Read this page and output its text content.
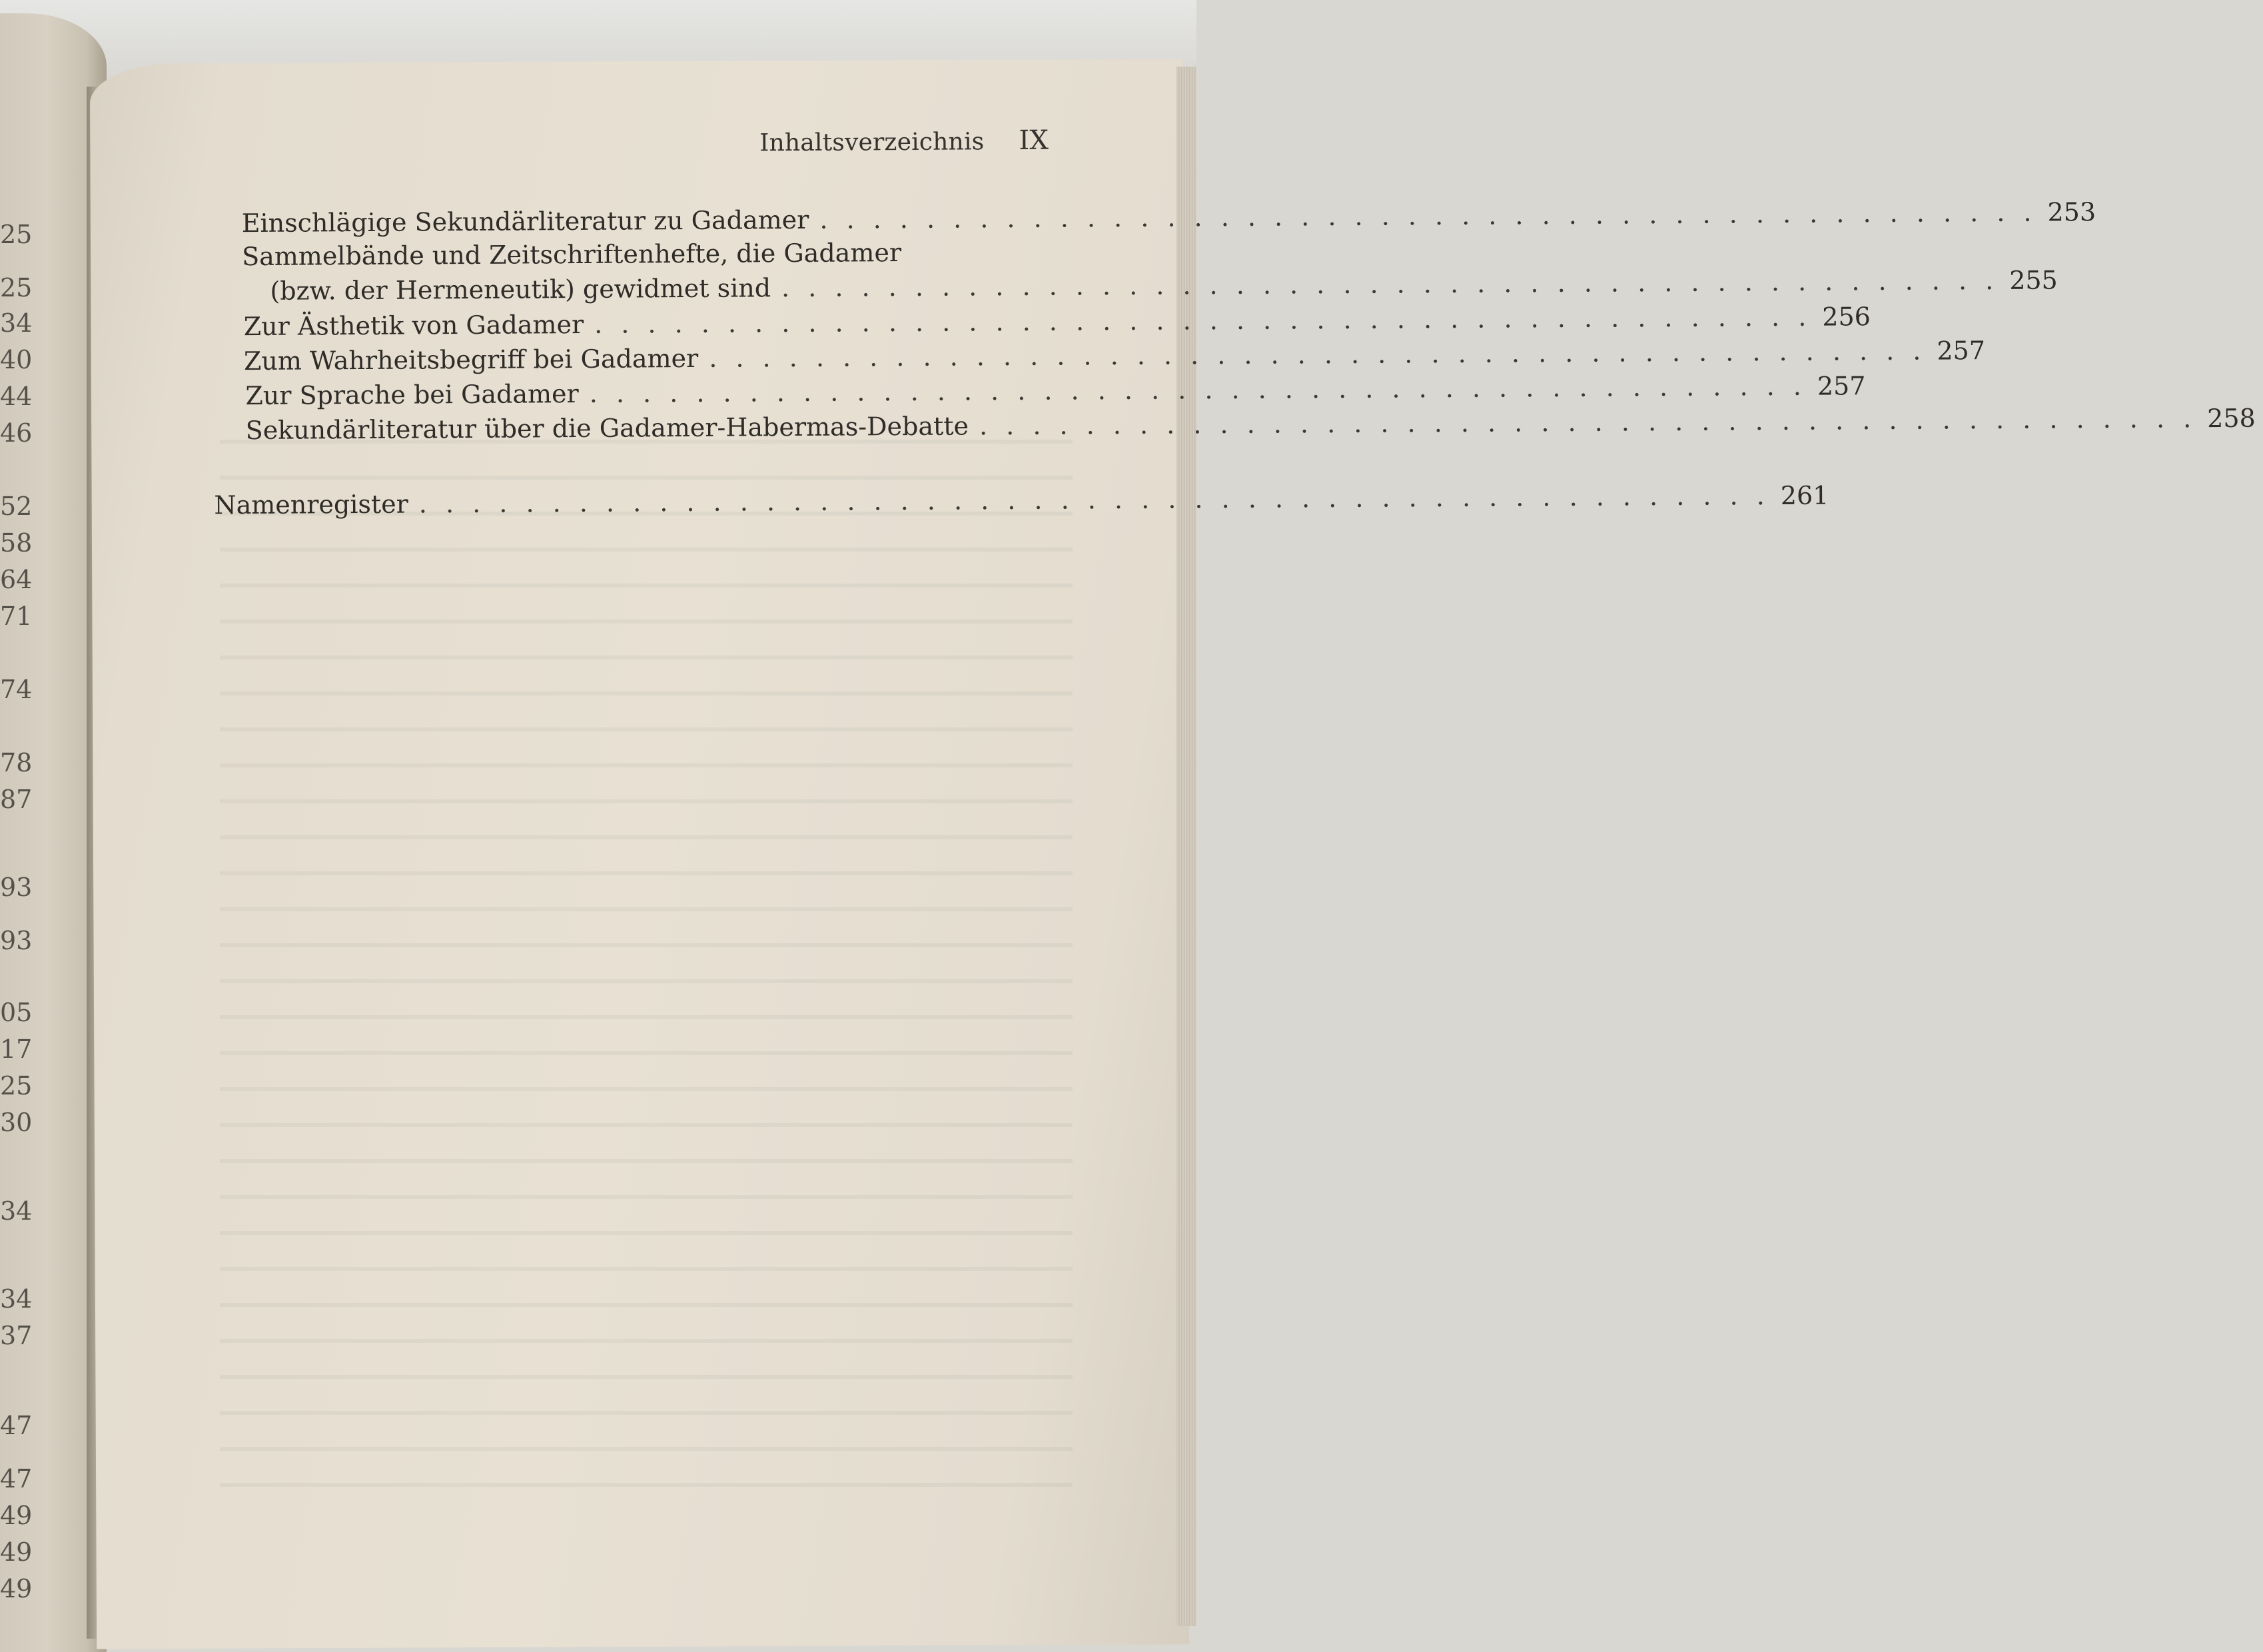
25
25
34
40
44
46
52
58
64
71
74
78
87
93
93
05
17
25
30
34
34
37
47
47
49
49
49
Inhaltsverzeichnis IX
Einschlägige Sekundärliteratur zu Gadamer . . . . . . . . . . . . . . . . . . . . . . . . . . . . . . . . . . . . . . . . . . . . . . 253
Sammelbände und Zeitschriftenhefte, die Gadamer
(bzw. der Hermeneutik) gewidmet sind . . . . . . . . . . . . . . . . . . . . . . . . . . . . . . . . . . . . . . . . . . . . . . 255
Zur Ästhetik von Gadamer . . . . . . . . . . . . . . . . . . . . . . . . . . . . . . . . . . . . . . . . . . . . . . 256
Zum Wahrheitsbegriff bei Gadamer . . . . . . . . . . . . . . . . . . . . . . . . . . . . . . . . . . . . . . . . . . . . . . 257
Zur Sprache bei Gadamer . . . . . . . . . . . . . . . . . . . . . . . . . . . . . . . . . . . . . . . . . . . . . . 257
Sekundärliteratur über die Gadamer-Habermas-Debatte . . . . . . . . . . . . . . . . . . . . . . . . . . . . . . . . . . . . . . . . . . . . . . 258
Namenregister . . . . . . . . . . . . . . . . . . . . . . . . . . . . . . . . . . . . . . . . . . . . . . . . . . . 261
